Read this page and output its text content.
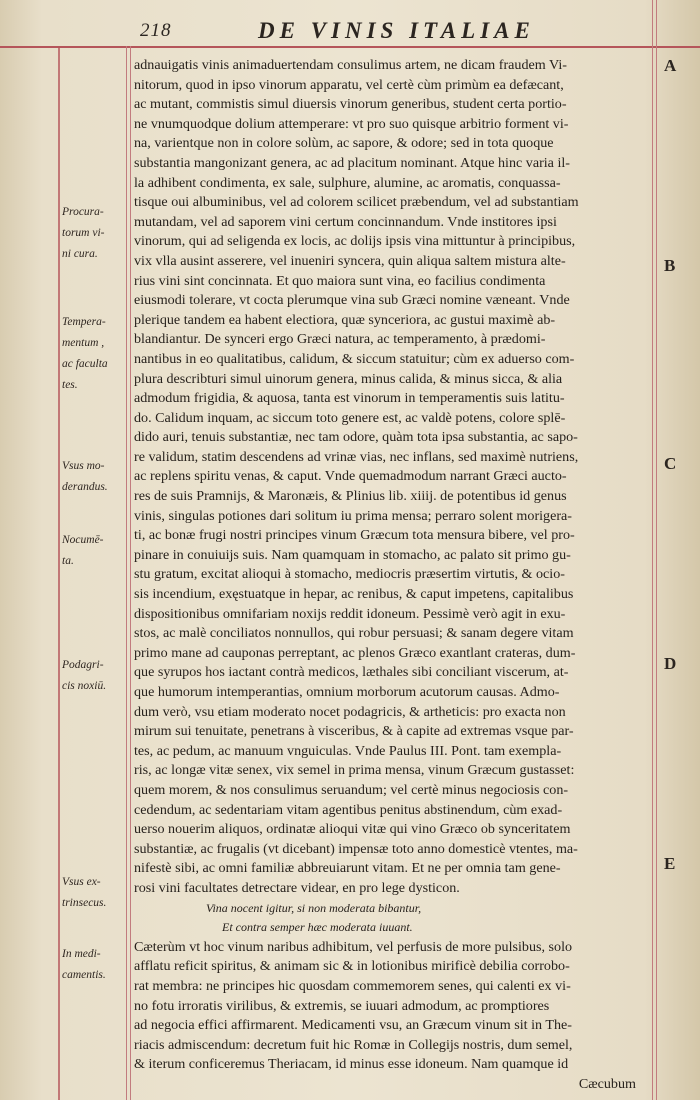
218	DE VINIS ITALIAE
Procura-
torum vi-
ni cura.
Tempera-
mentum ,
ac faculta
tes.
Vsus mo-
derandus.
Nocumē-
ta.
Podagri-
cis noxiū.
Vsus ex-
trinsecus.
In medi-
camentis.
A
B
C
D
E
adnauigatis vinis animaduertendam consulimus artem, ne dicam fraudem Vi-
nitorum, quod in ipso vinorum apparatu, vel certè cùm primùm ea defæcant,
ac mutant, commistis simul diuersis vinorum generibus, student certa portio-
ne vnumquodque dolium attemperare: vt pro suo quisque arbitrio forment vi-
na, varientque non in colore solùm, ac sapore, & odore; sed in tota quoque
substantia mangonizant genera, ac ad placitum nominant. Atque hinc varia il-
la adhibent condimenta, ex sale, sulphure, alumine, ac aromatis, conquassa-
tisque oui albuminibus, vel ad colorem scilicet præbendum, vel ad substantiam
mutandam, vel ad saporem vini certum concinnandum. Vnde institores ipsi
vinorum, qui ad seligenda ex locis, ac dolijs ipsis vina mittuntur à principibus,
vix vlla ausint asserere, vel inueniri syncera, quin aliqua saltem mistura alte-
rius vini sint concinnata. Et quo maiora sunt vina, eo facilius condimenta
eiusmodi tolerare, vt cocta plerumque vina sub Græci nomine væneant. Vnde
plerique tandem ea habent electiora, quæ synceriora, ac gustui maximè ab-
blandiantur. De synceri ergo Græci natura, ac temperamento, à prædomi-
nantibus in eo qualitatibus, calidum, & siccum statuitur; cùm ex aduerso com-
plura describturi simul uinorum genera, minus calida, & minus sicca, & alia
admodum frigidia, & aquosa, tanta est vinorum in temperamentis suis latitu-
do. Calidum inquam, ac siccum toto genere est, ac valdè potens, colore splē-
dido auri, tenuis substantiæ, nec tam odore, quàm tota ipsa substantia, ac sapo-
re validum, statim descendens ad vrinæ vias, nec inflans, sed maximè nutriens,
ac replens spiritu venas, & caput. Vnde quemadmodum narrant Græci aucto-
res de suis Pramnijs, & Maronæis, & Plinius lib. xiiij. de potentibus id genus
vinis, singulas potiones dari solitum iu prima mensa; perraro solent morigera-
ti, ac bonæ frugi nostri principes vinum Græcum tota mensura bibere, vel pro-
pinare in conuiuijs suis. Nam quamquam in stomacho, ac palato sit primo gu-
stu gratum, excitat alioqui à stomacho, mediocris præsertim virtutis, & ocio-
sis incendium, exęstuatque in hepar, ac renibus, & caput impetens, capitalibus
dispositionibus omnifariam noxijs reddit idoneum. Pessimè verò agit in exu-
stos, ac malè conciliatos nonnullos, qui robur persuasi; & sanam degere vitam
primo mane ad cauponas perreptant, ac plenos Græco exantlant crateras, dum-
que syrupos hos iactant contrà medicos, læthales sibi conciliant viscerum, at-
que humorum intemperantias, omnium morborum acutorum causas. Admo-
dum verò, vsu etiam moderato nocet podagricis, & artheticis: pro exacta non
mirum sui tenuitate, penetrans à visceribus, & à capite ad extremas vsque par-
tes, ac pedum, ac manuum vnguiculas. Vnde Paulus III. Pont. tam exempla-
ris, ac longæ vitæ senex, vix semel in prima mensa, vinum Græcum gustasset:
quem morem, & nos consulimus seruandum; vel certè minus negociosis con-
cedendum, ac sedentariam vitam agentibus penitus abstinendum, cùm exad-
uerso nouerim aliquos, ordinatæ alioqui vitæ qui vino Græco ob synceritatem
substantiæ, ac frugalis (vt dicebant) impensæ toto anno domesticè vtentes, ma-
nifestè sibi, ac omni familiæ abbreuiarunt vitam. Et ne per omnia tam gene-
rosi vini facultates detrectare videar, en pro lege dysticon.
Vina nocent igitur, si non moderata bibantur,
Et contra semper hæc moderata iuuant.
Cæterùm vt hoc vinum naribus adhibitum, vel perfusis de more pulsibus, solo
afflatu reficit spiritus, & animam sic & in lotionibus mirificè debilia corrobo-
rat membra: ne principes hic quosdam commemorem senes, qui calenti ex vi-
no fotu irroratis virilibus, & extremis, se iuuari admodum, ac promptiores
ad negocia effici affirmarent. Medicamenti vsu, an Græcum vinum sit in The-
riacis admiscendum: decretum fuit hic Romæ in Collegijs nostris, dum semel,
& iterum conficeremus Theriacam, id minus esse idoneum. Nam quamque id
Cæcubum
